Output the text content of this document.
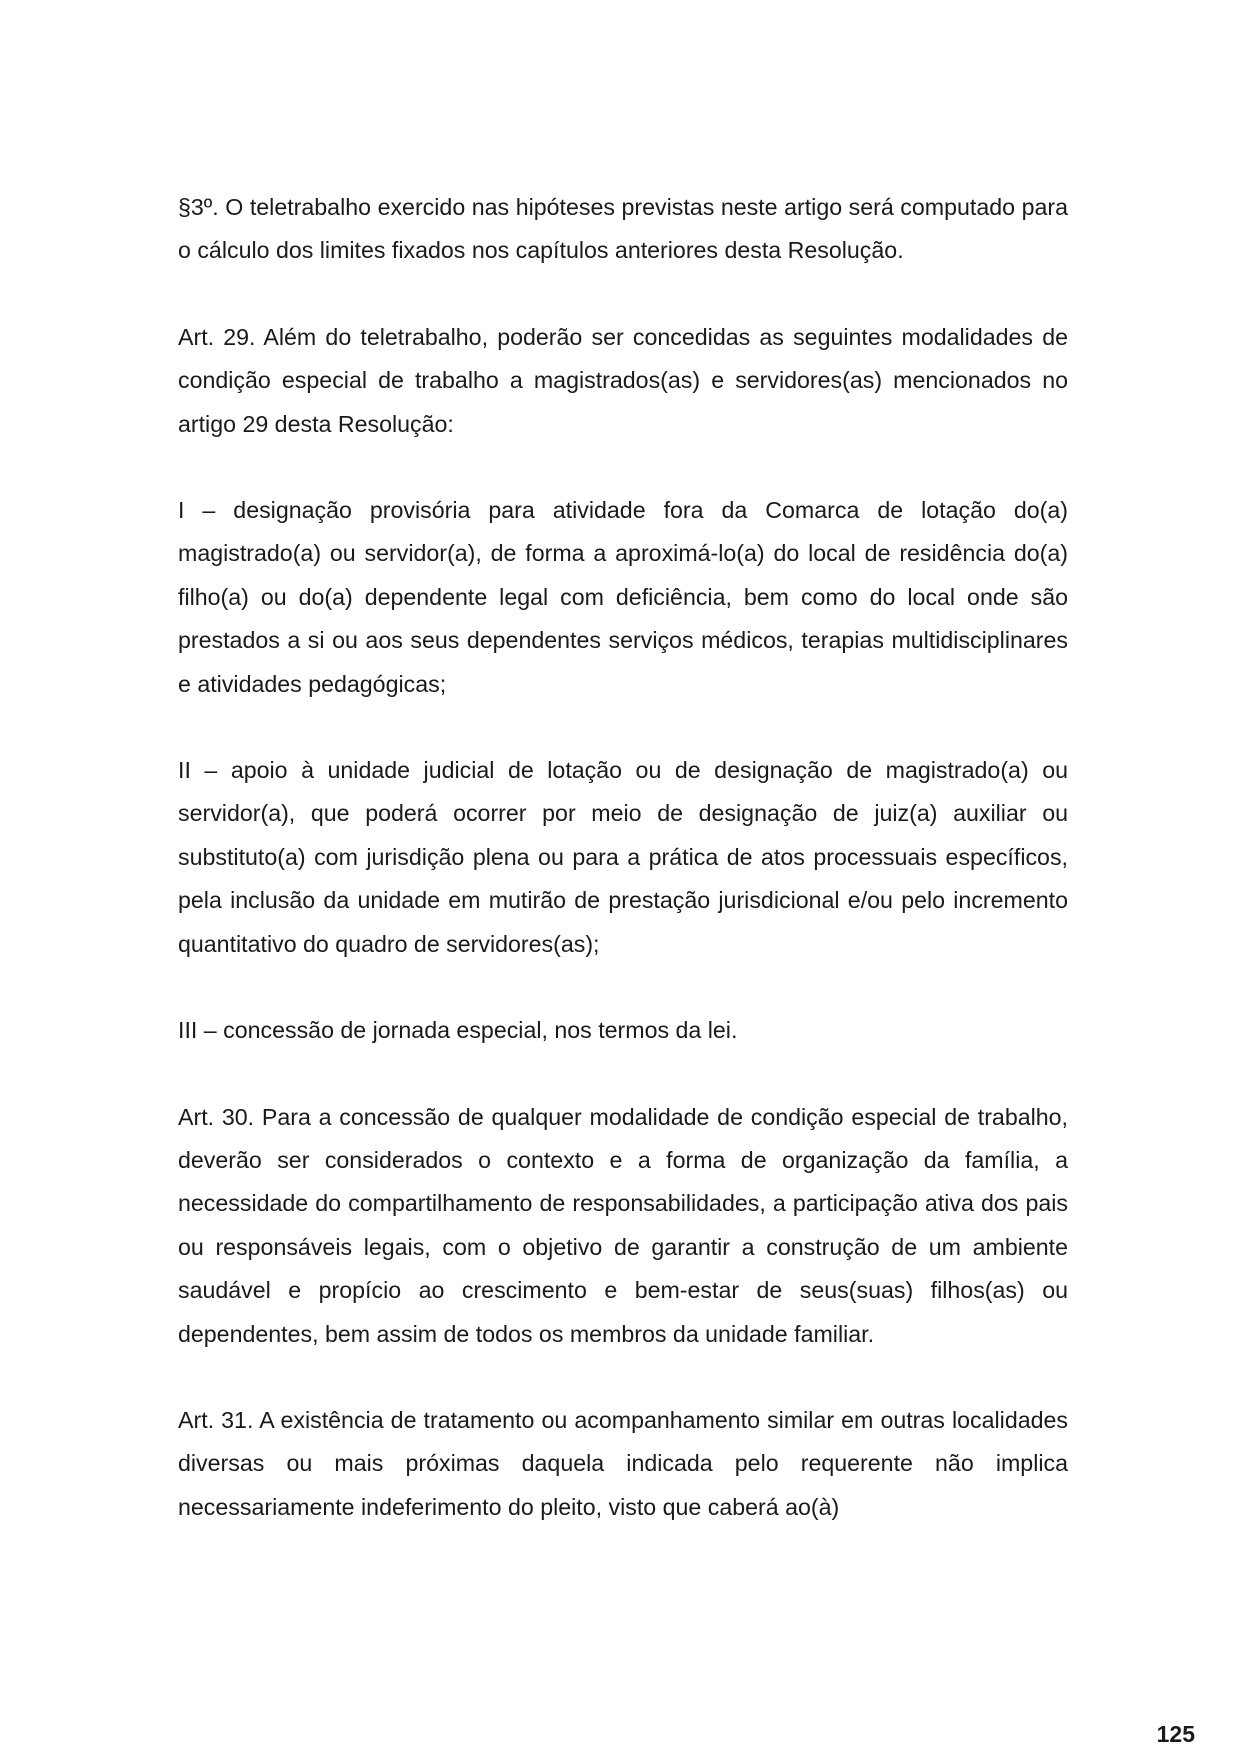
§3º. O teletrabalho exercido nas hipóteses previstas neste artigo será computado para o cálculo dos limites fixados nos capítulos anteriores desta Resolução.

Art. 29. Além do teletrabalho, poderão ser concedidas as seguintes modalidades de condição especial de trabalho a magistrados(as) e servidores(as) mencionados no artigo 29 desta Resolução:

I – designação provisória para atividade fora da Comarca de lotação do(a) magistrado(a) ou servidor(a), de forma a aproximá-lo(a) do local de residência do(a) filho(a) ou do(a) dependente legal com deficiência, bem como do local onde são prestados a si ou aos seus dependentes serviços médicos, terapias multidisciplinares e atividades pedagógicas;

II – apoio à unidade judicial de lotação ou de designação de magistrado(a) ou servidor(a), que poderá ocorrer por meio de designação de juiz(a) auxiliar ou substituto(a) com jurisdição plena ou para a prática de atos processuais específicos, pela inclusão da unidade em mutirão de prestação jurisdicional e/ou pelo incremento quantitativo do quadro de servidores(as);

III – concessão de jornada especial, nos termos da lei.

Art. 30. Para a concessão de qualquer modalidade de condição especial de trabalho, deverão ser considerados o contexto e a forma de organização da família, a necessidade do compartilhamento de responsabilidades, a participação ativa dos pais ou responsáveis legais, com o objetivo de garantir a construção de um ambiente saudável e propício ao crescimento e bem-estar de seus(suas) filhos(as) ou dependentes, bem assim de todos os membros da unidade familiar.

Art. 31. A existência de tratamento ou acompanhamento similar em outras localidades diversas ou mais próximas daquela indicada pelo requerente não implica necessariamente indeferimento do pleito, visto que caberá ao(à)

125
